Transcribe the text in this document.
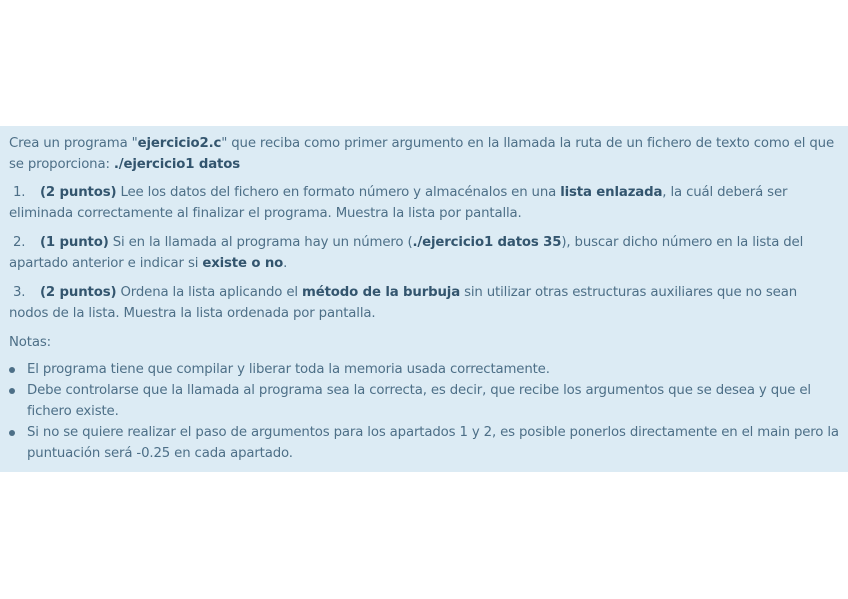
Crea un programa "ejercicio2.c" que reciba como primer argumento en la llamada la ruta de un fichero de texto como el que se proporciona: ./ejercicio1 datos

1. (2 puntos) Lee los datos del fichero en formato número y almacénalos en una lista enlazada, la cuál deberá ser eliminada correctamente al finalizar el programa. Muestra la lista por pantalla.

2. (1 punto) Si en la llamada al programa hay un número (./ejercicio1 datos 35), buscar dicho número en la lista del apartado anterior e indicar si existe o no.

3. (2 puntos) Ordena la lista aplicando el método de la burbuja sin utilizar otras estructuras auxiliares que no sean nodos de la lista. Muestra la lista ordenada por pantalla.

Notas:

El programa tiene que compilar y liberar toda la memoria usada correctamente.
Debe controlarse que la llamada al programa sea la correcta, es decir, que recibe los argumentos que se desea y que el fichero existe.
Si no se quiere realizar el paso de argumentos para los apartados 1 y 2, es posible ponerlos directamente en el main pero la puntuación será -0.25 en cada apartado.
